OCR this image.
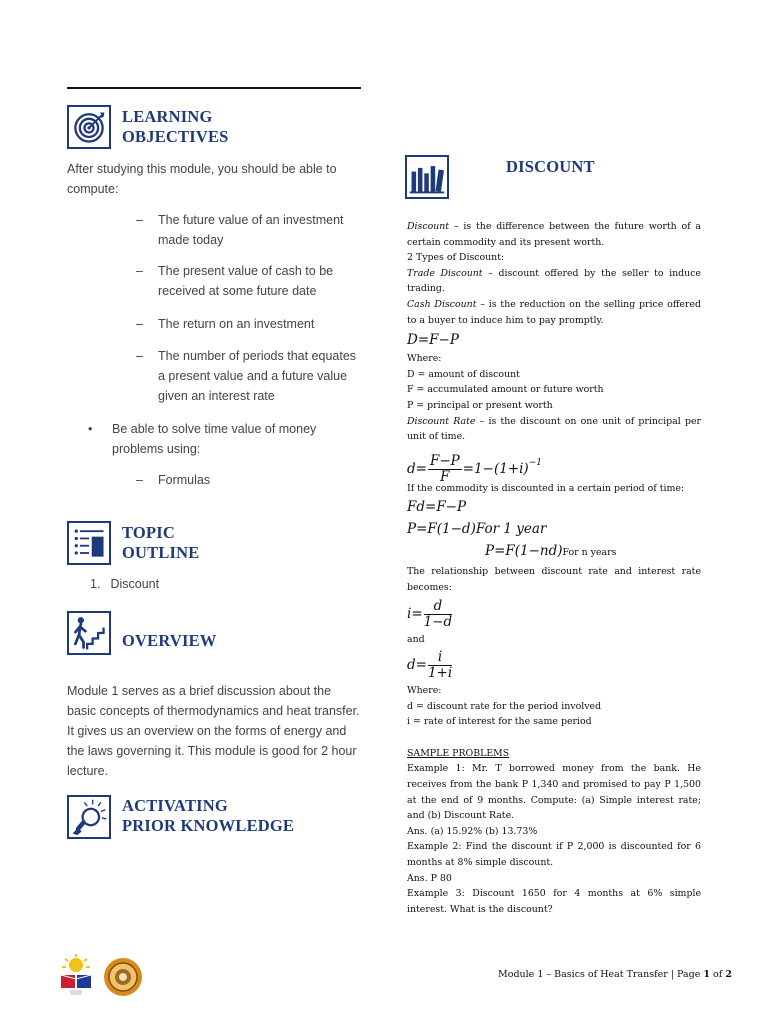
LEARNING
OBJECTIVES
After studying this module, you should be able to compute:
– The future value of an investment made today
– The present value of cash to be received at some future date
– The return on an investment
– The number of periods that equates a present value and a future value given an interest rate
• Be able to solve time value of money problems using:
– Formulas
TOPIC
OUTLINE
1. Discount
OVERVIEW
Module 1 serves as a brief discussion about the basic concepts of thermodynamics and heat transfer. It gives us an overview on the forms of energy and the laws governing it. This module is good for 2 hour lecture.
ACTIVATING
PRIOR KNOWLEDGE
DISCOUNT

Discount – is the difference between the future worth of a certain commodity and its present worth.

2 Types of Discount:

Trade Discount – discount offered by the seller to induce trading.

Cash Discount – is the reduction on the selling price offered to a buyer to induce him to pay promptly.

D=F−P

Where:

D = amount of discount

F = accumulated amount or future worth

P = principal or present worth

Discount Rate – is the discount on one unit of principal per unit of time.

$d= \frac{F-P}{F} =1-(1+i)^{-1}$

If the commodity is discounted in a certain period of time:

Fd=F−P
P=F(1−d)For 1 year
P=F(1−nd)For n years

The relationship between discount rate and interest rate becomes:

$i= \frac{d}{1-d}$

and

$d= \frac{i}{1+i}$

Where:

d = discount rate for the period involved

i = rate of interest for the same period

SAMPLE PROBLEMS

Example 1: Mr. T borrowed money from the bank. He receives from the bank P 1,340 and promised to pay P 1,500 at the end of 9 months. Compute: (a) Simple interest rate; and (b) Discount Rate.

Ans. (a) 15.92% (b) 13.73%

Example 2: Find the discount if P 2,000 is discounted for 6 months at 8% simple discount.

Ans. P 80

Example 3: Discount 1650 for 4 months at 6% simple interest. What is the discount?

Module 1 – Basics of Heat Transfer | Page 1 of 2
